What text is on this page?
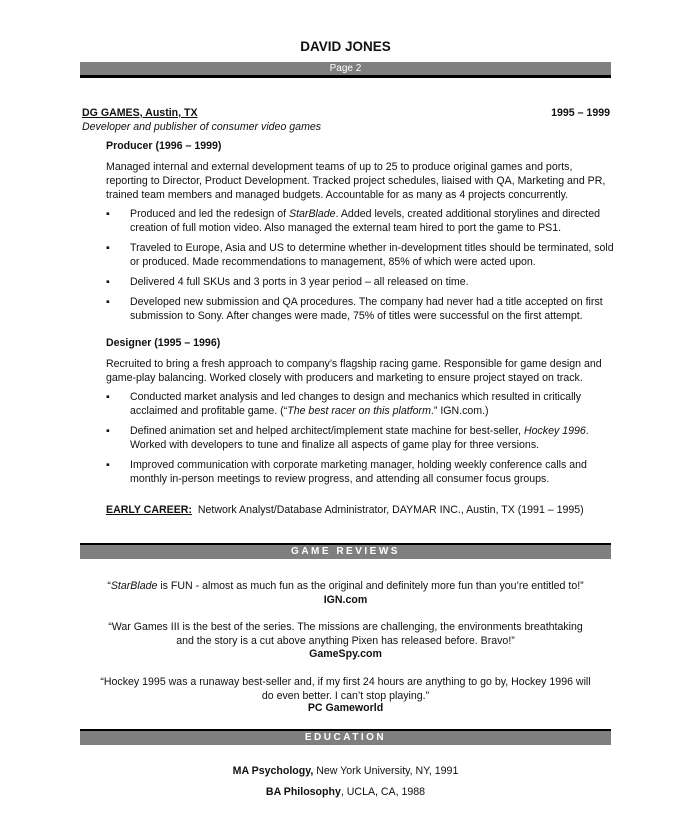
DAVID JONES
Page 2
DG GAMES, Austin, TX	1995 – 1999
Developer and publisher of consumer video games
Producer (1996 – 1999)
Managed internal and external development teams of up to 25 to produce original games and ports, reporting to Director, Product Development. Tracked project schedules, liaised with QA, Marketing and PR, trained team members and managed budgets. Accountable for as many as 4 projects concurrently.
▪ Produced and led the redesign of StarBlade. Added levels, created additional storylines and directed creation of full motion video. Also managed the external team hired to port the game to PS1.
▪ Traveled to Europe, Asia and US to determine whether in-development titles should be terminated, sold or produced. Made recommendations to management, 85% of which were acted upon.
▪ Delivered 4 full SKUs and 3 ports in 3 year period – all released on time.
▪ Developed new submission and QA procedures. The company had never had a title accepted on first submission to Sony. After changes were made, 75% of titles were successful on the first attempt.
Designer (1995 – 1996)
Recruited to bring a fresh approach to company’s flagship racing game. Responsible for game design and game-play balancing. Worked closely with producers and marketing to ensure project stayed on track.
▪ Conducted market analysis and led changes to design and mechanics which resulted in critically acclaimed and profitable game. (“The best racer on this platform.” IGN.com.)
▪ Defined animation set and helped architect/implement state machine for best-seller, Hockey 1996. Worked with developers to tune and finalize all aspects of game play for three versions.
▪ Improved communication with corporate marketing manager, holding weekly conference calls and monthly in-person meetings to review progress, and attending all consumer focus groups.
EARLY CAREER: Network Analyst/Database Administrator, DAYMAR INC., Austin, TX (1991 – 1995)
GAME REVIEWS
“StarBlade is FUN - almost as much fun as the original and definitely more fun than you’re entitled to!”
IGN.com
“War Games III is the best of the series. The missions are challenging, the environments breathtaking and the story is a cut above anything Pixen has released before. Bravo!”
GameSpy.com
“Hockey 1995 was a runaway best-seller and, if my first 24 hours are anything to go by, Hockey 1996 will do even better. I can’t stop playing.”
PC Gameworld
EDUCATION
MA Psychology, New York University, NY, 1991
BA Philosophy, UCLA, CA, 1988
